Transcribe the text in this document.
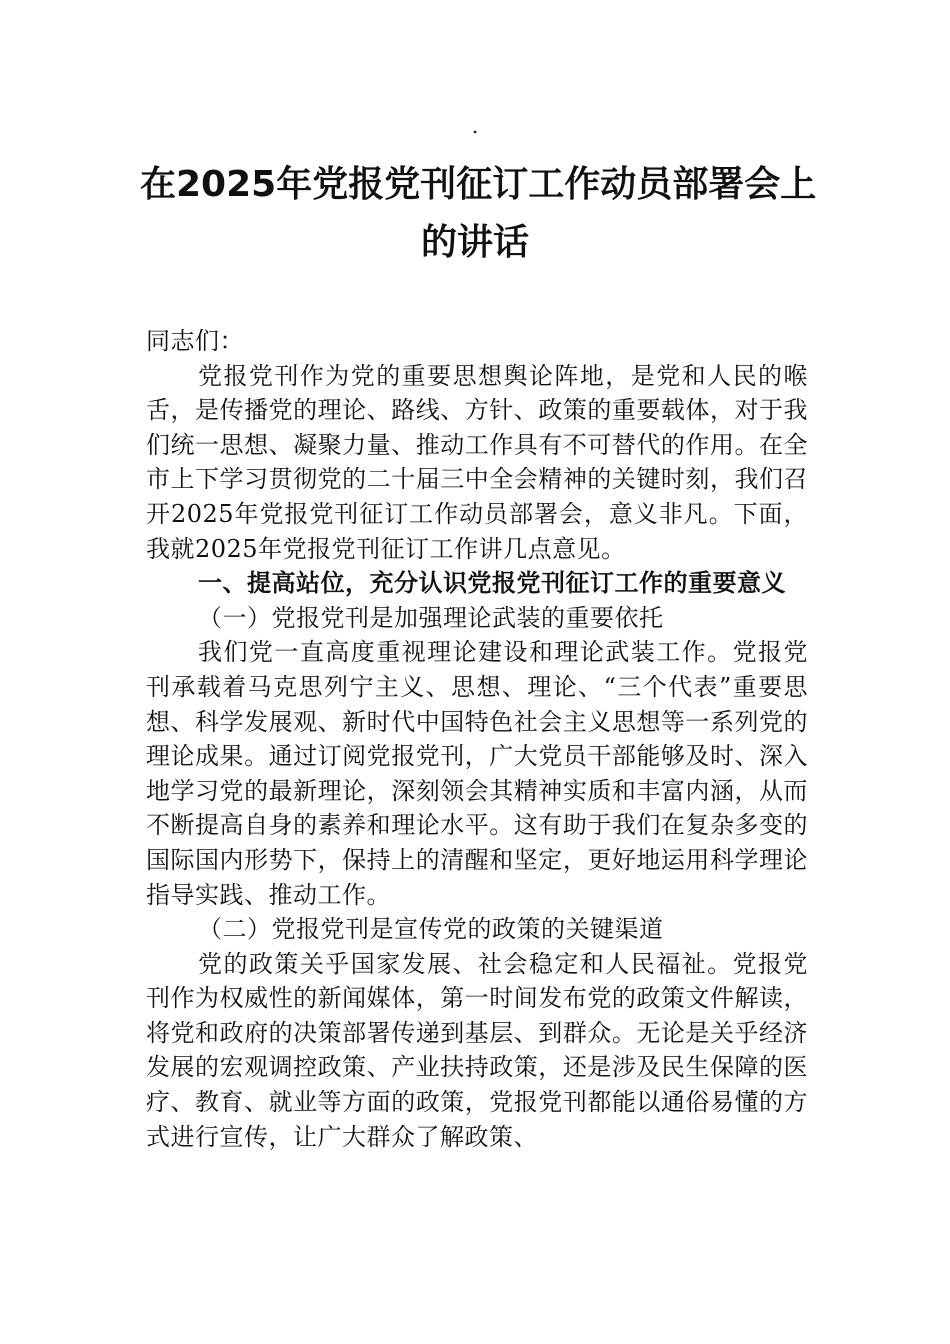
.
在2025年党报党刊征订工作动员部署会上
的讲话

同志们：

党报党刊作为党的重要思想舆论阵地，是党和人民的喉舌，是传播党的理论、路线、方针、政策的重要载体，对于我们统一思想、凝聚力量、推动工作具有不可替代的作用。在全市上下学习贯彻党的二十届三中全会精神的关键时刻，我们召开2025年党报党刊征订工作动员部署会，意义非凡。下面，我就2025年党报党刊征订工作讲几点意见。

一、提高站位，充分认识党报党刊征订工作的重要意义

（一）党报党刊是加强理论武装的重要依托

我们党一直高度重视理论建设和理论武装工作。党报党刊承载着马克思列宁主义、思想、理论、“三个代表”重要思想、科学发展观、新时代中国特色社会主义思想等一系列党的理论成果。通过订阅党报党刊，广大党员干部能够及时、深入地学习党的最新理论，深刻领会其精神实质和丰富内涵，从而不断提高自身的素养和理论水平。这有助于我们在复杂多变的国际国内形势下，保持上的清醒和坚定，更好地运用科学理论指导实践、推动工作。

（二）党报党刊是宣传党的政策的关键渠道

党的政策关乎国家发展、社会稳定和人民福祉。党报党刊作为权威性的新闻媒体，第一时间发布党的政策文件解读，将党和政府的决策部署传递到基层、到群众。无论是关乎经济发展的宏观调控政策、产业扶持政策，还是涉及民生保障的医疗、教育、就业等方面的政策，党报党刊都能以通俗易懂的方式进行宣传，让广大群众了解政策、
